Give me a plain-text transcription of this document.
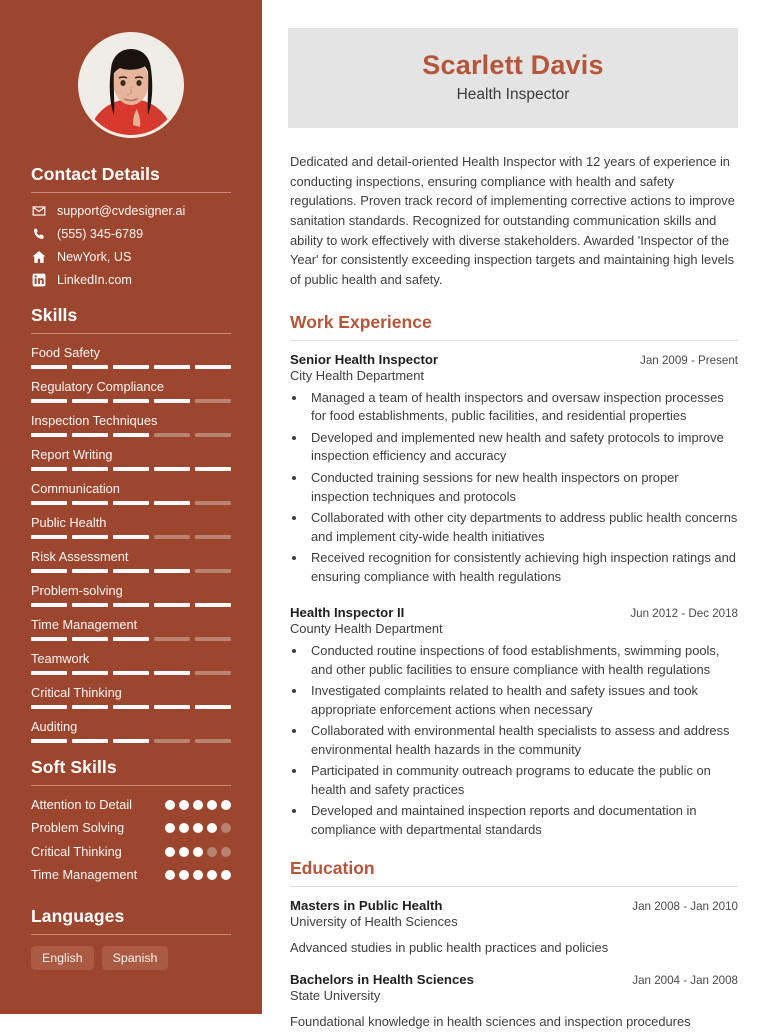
Contact Details
support@cvdesigner.ai
(555) 345-6789
NewYork, US
LinkedIn.com
Skills
Food Safety
Regulatory Compliance
Inspection Techniques
Report Writing
Communication
Public Health
Risk Assessment
Problem-solving
Time Management
Teamwork
Critical Thinking
Auditing
Soft Skills
Attention to Detail
Problem Solving
Critical Thinking
Time Management
Languages
English	Spanish
Scarlett Davis
Health Inspector

Dedicated and detail-oriented Health Inspector with 12 years of experience in conducting inspections, ensuring compliance with health and safety regulations. Proven track record of implementing corrective actions to improve sanitation standards. Recognized for outstanding communication skills and ability to work effectively with diverse stakeholders. Awarded 'Inspector of the Year' for consistently exceeding inspection targets and maintaining high levels of public health and safety.

Work Experience
Senior Health Inspector	Jan 2009 - Present
City Health Department
• Managed a team of health inspectors and oversaw inspection processes for food establishments, public facilities, and residential properties
• Developed and implemented new health and safety protocols to improve inspection efficiency and accuracy
• Conducted training sessions for new health inspectors on proper inspection techniques and protocols
• Collaborated with other city departments to address public health concerns and implement city-wide health initiatives
• Received recognition for consistently achieving high inspection ratings and ensuring compliance with health regulations
Health Inspector II	Jun 2012 - Dec 2018
County Health Department
• Conducted routine inspections of food establishments, swimming pools, and other public facilities to ensure compliance with health regulations
• Investigated complaints related to health and safety issues and took appropriate enforcement actions when necessary
• Collaborated with environmental health specialists to assess and address environmental health hazards in the community
• Participated in community outreach programs to educate the public on health and safety practices
• Developed and maintained inspection reports and documentation in compliance with departmental standards
Education
Masters in Public Health	Jan 2008 - Jan 2010
University of Health Sciences
Advanced studies in public health practices and policies
Bachelors in Health Sciences	Jan 2004 - Jan 2008
State University
Foundational knowledge in health sciences and inspection procedures
